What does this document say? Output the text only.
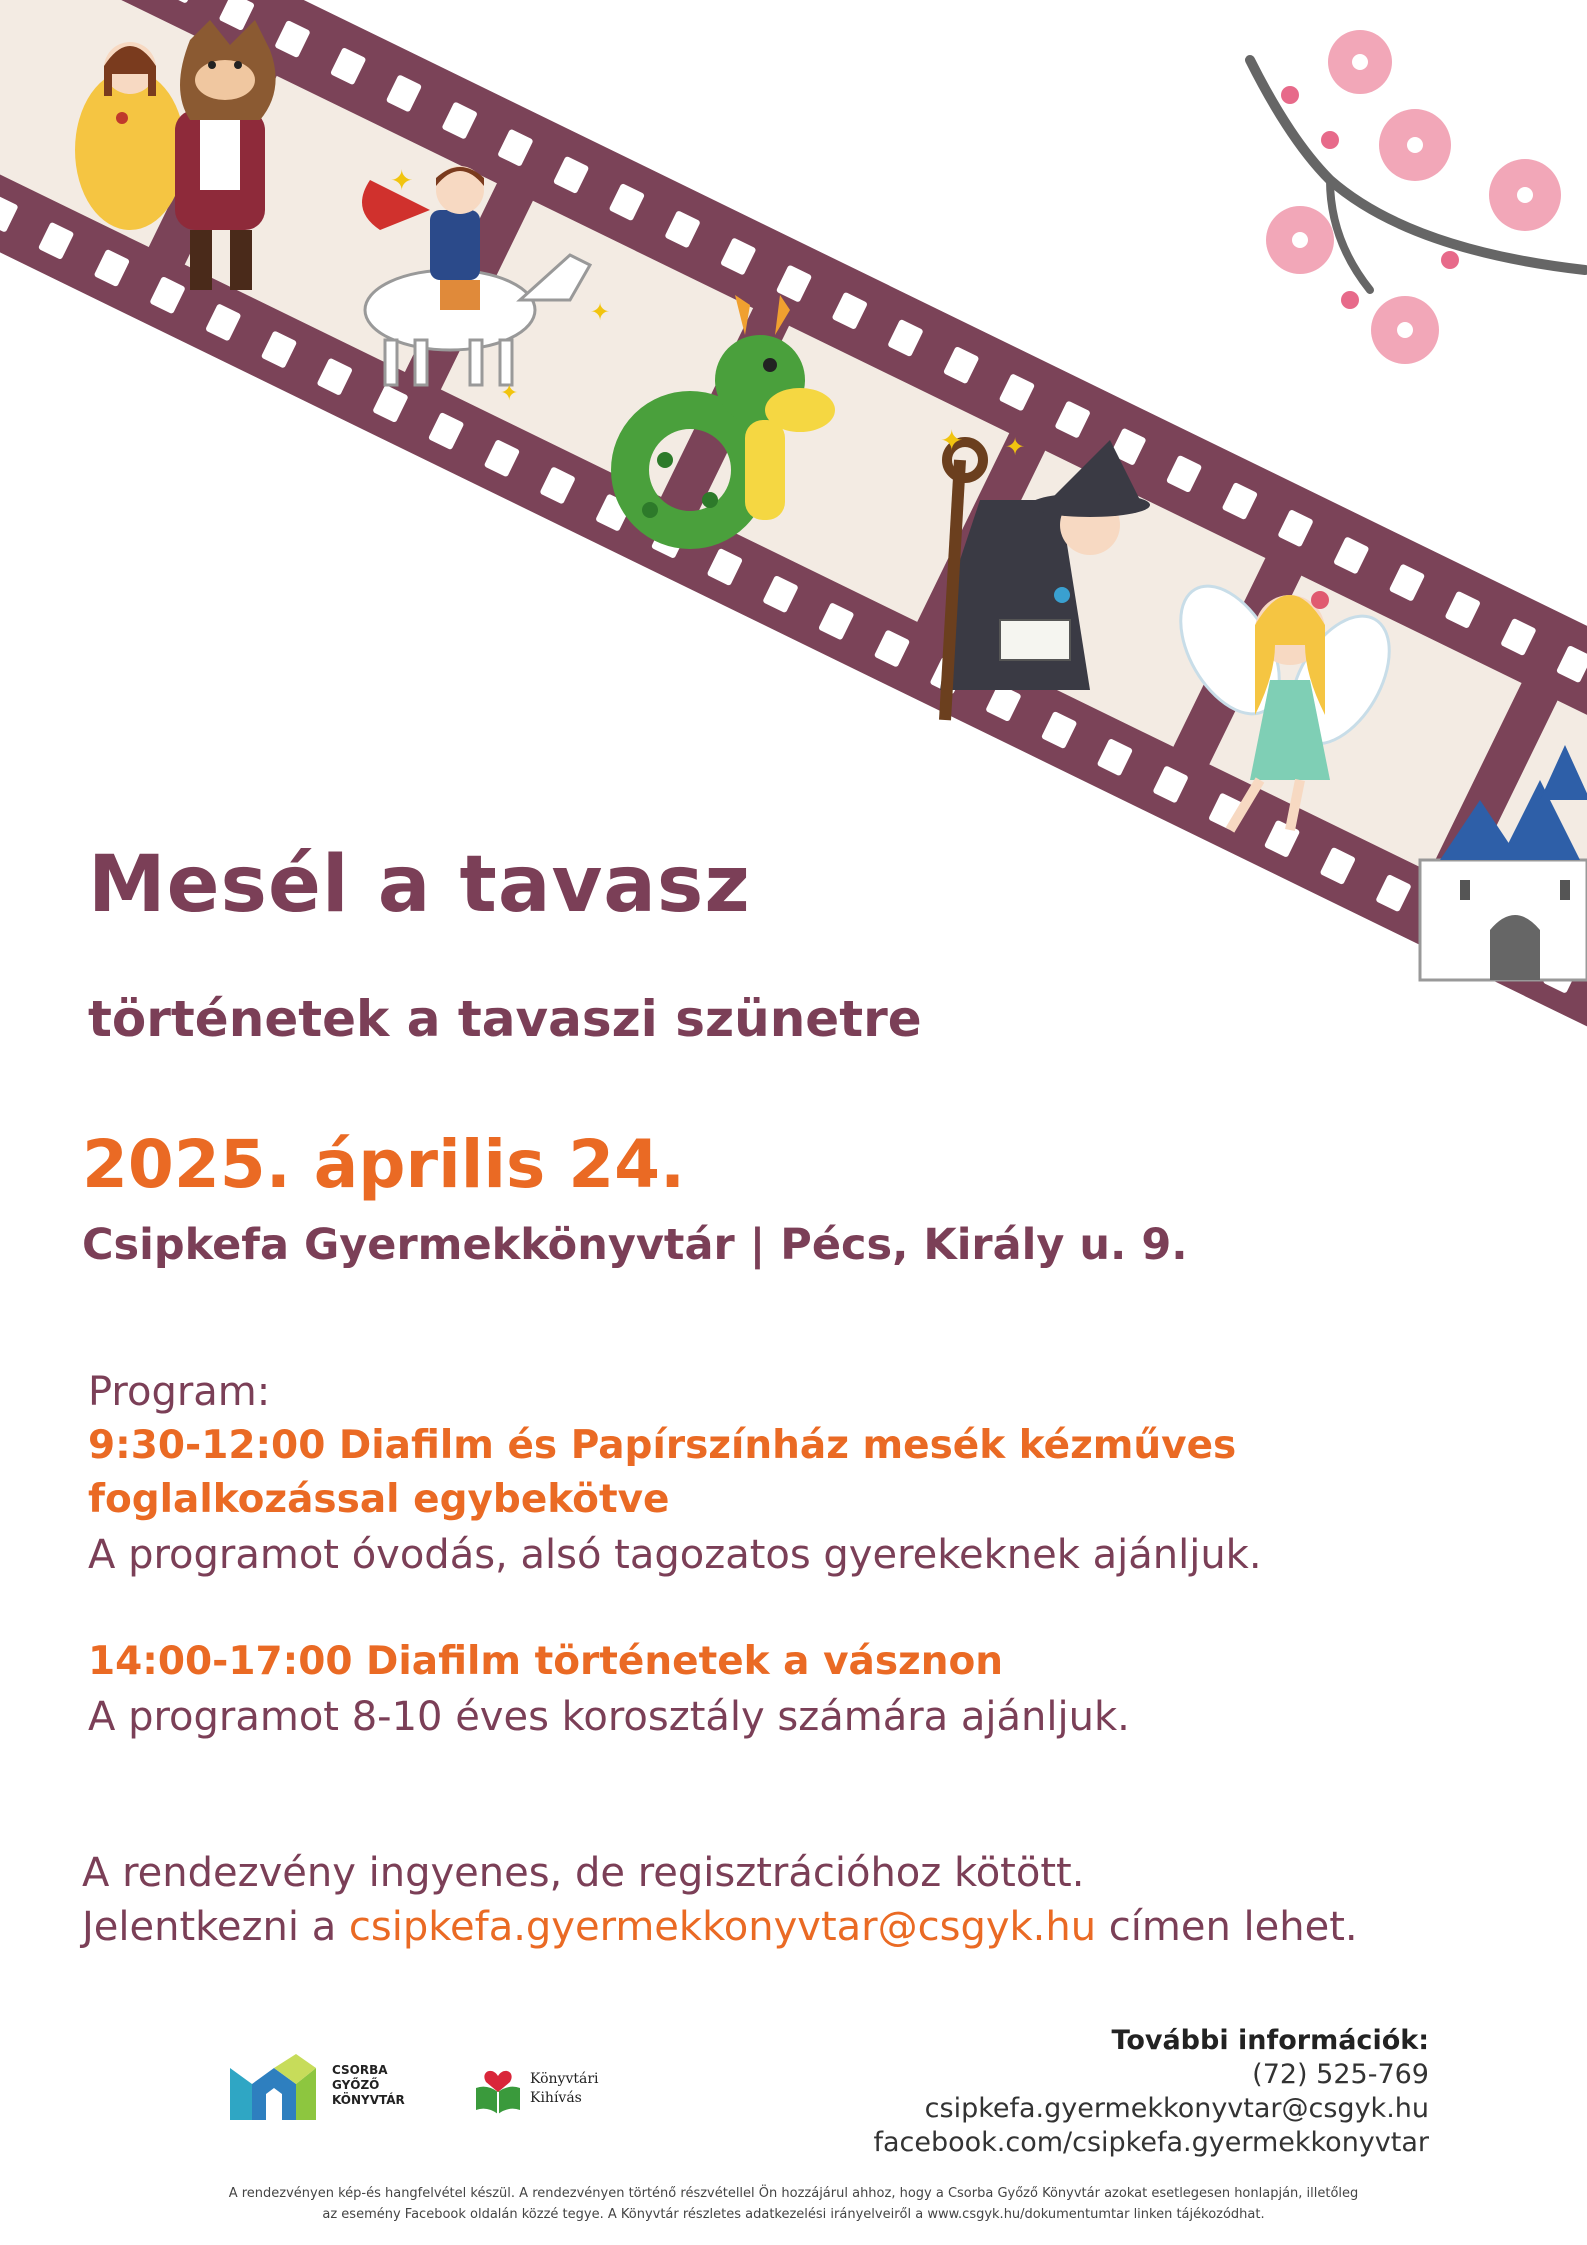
✦
✦
✦
✦ ✦
Mesél a tavasz
történetek a tavaszi szünetre
2025. április 24.
Csipkefa Gyermekkönyvtár | Pécs, Király u. 9.
Program:
9:30-12:00 Diafilm és Papírszínház mesék kézműves
foglalkozással egybekötve
A programot óvodás, alsó tagozatos gyerekeknek ajánljuk.
14:00-17:00 Diafilm történetek a vásznon
A programot 8-10 éves korosztály számára ajánljuk.
A rendezvény ingyenes, de regisztrációhoz kötött.
Jelentkezni a csipkefa.gyermekkonyvtar@csgyk.hu címen lehet.
CSORBA
GYŐZŐ
KÖNYVTÁR
Könyvtári
Kihívás
További információk:
(72) 525-769
csipkefa.gyermekkonyvtar@csgyk.hu
facebook.com/csipkefa.gyermekkonyvtar
A rendezvényen kép-és hangfelvétel készül. A rendezvényen történő részvétellel Ön hozzájárul ahhoz, hogy a Csorba Győző Könyvtár azokat esetlegesen honlapján, illetőleg
az esemény Facebook oldalán közzé tegye. A Könyvtár részletes adatkezelési irányelveiről a www.csgyk.hu/dokumentumtar linken tájékozódhat.
